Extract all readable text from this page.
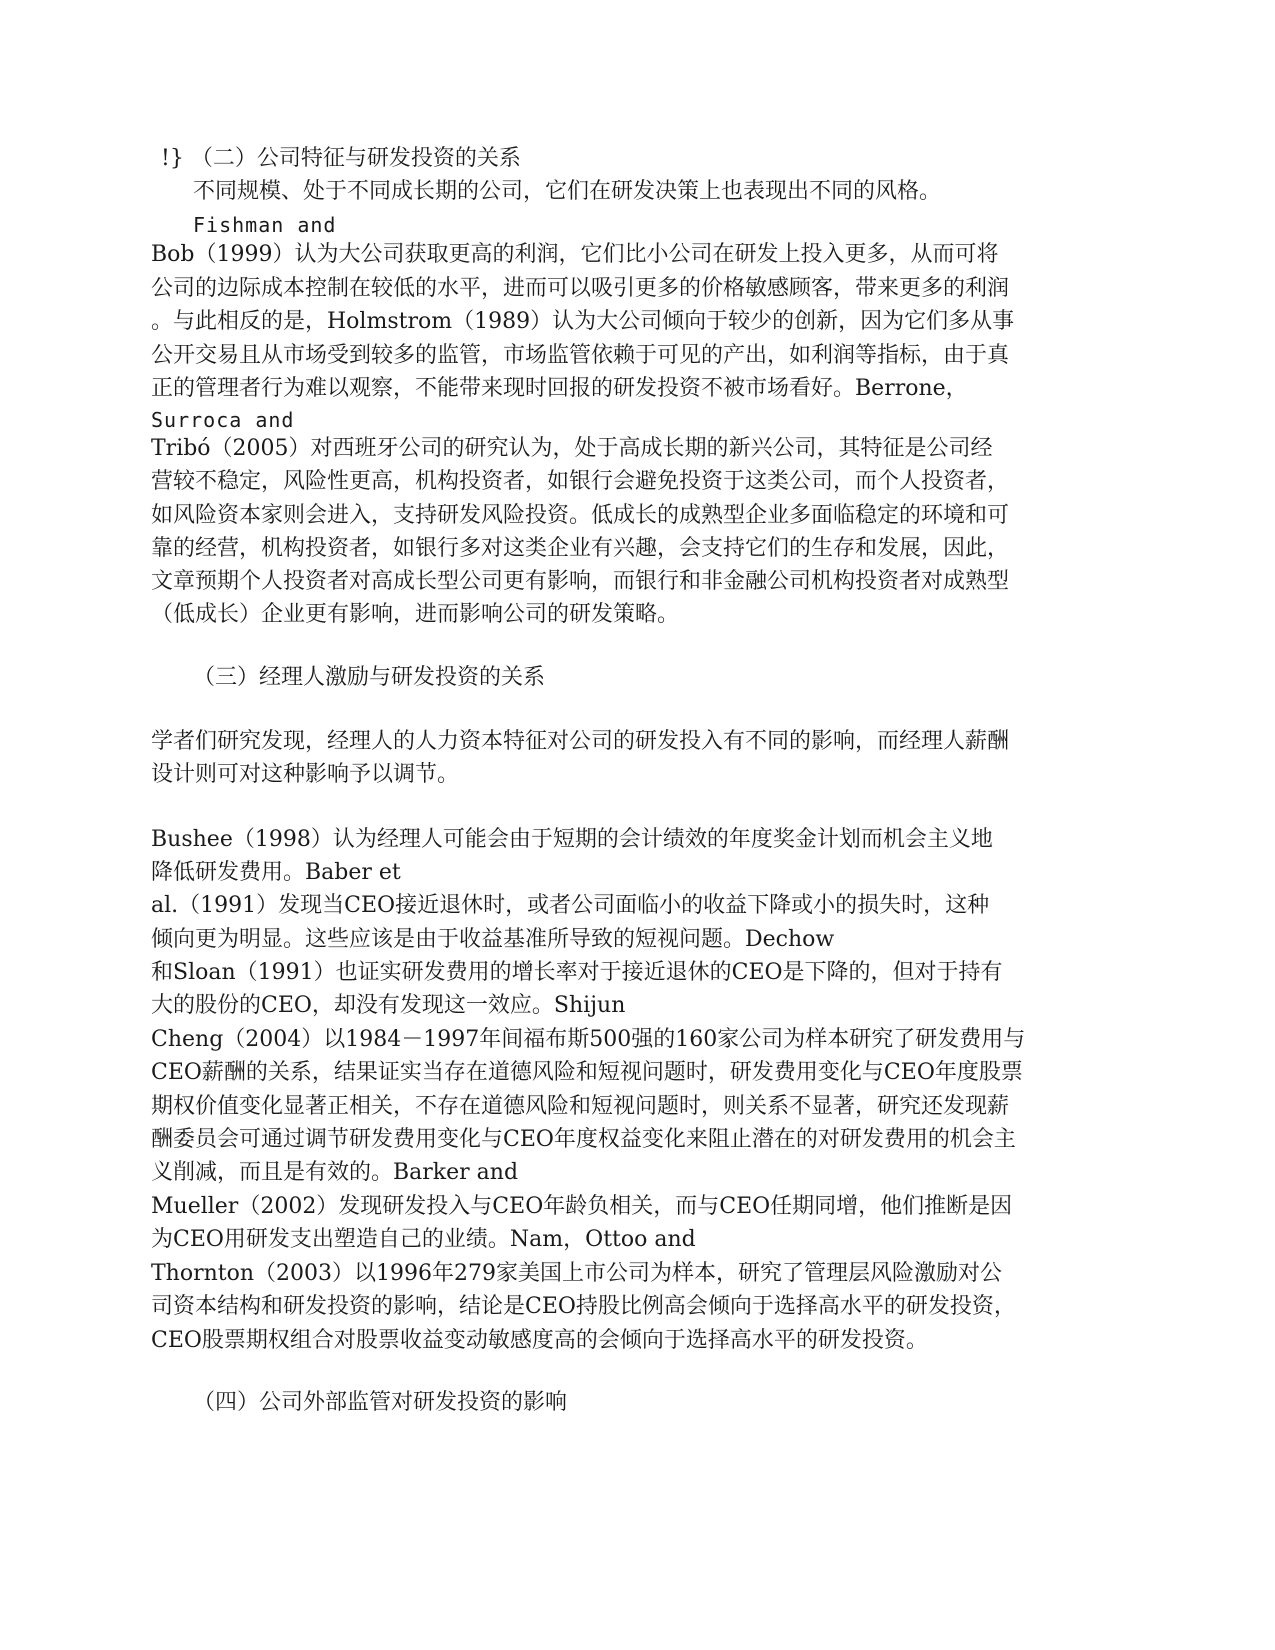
!} （二）公司特征与研发投资的关系
不同规模、处于不同成长期的公司，它们在研发决策上也表现出不同的风格。
Fishman and
Bob（1999）认为大公司获取更高的利润，它们比小公司在研发上投入更多，从而可将
公司的边际成本控制在较低的水平，进而可以吸引更多的价格敏感顾客，带来更多的利润
。与此相反的是，Holmstrom（1989）认为大公司倾向于较少的创新，因为它们多从事
公开交易且从市场受到较多的监管，市场监管依赖于可见的产出，如利润等指标，由于真
正的管理者行为难以观察，不能带来现时回报的研发投资不被市场看好。Berrone，
Surroca and
Tribó（2005）对西班牙公司的研究认为，处于高成长期的新兴公司，其特征是公司经
营较不稳定，风险性更高，机构投资者，如银行会避免投资于这类公司，而个人投资者，
如风险资本家则会进入，支持研发风险投资。低成长的成熟型企业多面临稳定的环境和可
靠的经营，机构投资者，如银行多对这类企业有兴趣，会支持它们的生存和发展，因此，
文章预期个人投资者对高成长型公司更有影响，而银行和非金融公司机构投资者对成熟型
（低成长）企业更有影响，进而影响公司的研发策略。
（三）经理人激励与研发投资的关系
学者们研究发现，经理人的人力资本特征对公司的研发投入有不同的影响，而经理人薪酬
设计则可对这种影响予以调节。
Bushee（1998）认为经理人可能会由于短期的会计绩效的年度奖金计划而机会主义地
降低研发费用。Baber et
al.（1991）发现当CEO接近退休时，或者公司面临小的收益下降或小的损失时，这种
倾向更为明显。这些应该是由于收益基准所导致的短视问题。Dechow
和Sloan（1991）也证实研发费用的增长率对于接近退休的CEO是下降的，但对于持有
大的股份的CEO，却没有发现这一效应。Shijun
Cheng（2004）以1984－1997年间福布斯500强的160家公司为样本研究了研发费用与
CEO薪酬的关系，结果证实当存在道德风险和短视问题时，研发费用变化与CEO年度股票
期权价值变化显著正相关，不存在道德风险和短视问题时，则关系不显著，研究还发现薪
酬委员会可通过调节研发费用变化与CEO年度权益变化来阻止潜在的对研发费用的机会主
义削减，而且是有效的。Barker and
Mueller（2002）发现研发投入与CEO年龄负相关，而与CEO任期同增，他们推断是因
为CEO用研发支出塑造自己的业绩。Nam，Ottoo and
Thornton（2003）以1996年279家美国上市公司为样本，研究了管理层风险激励对公
司资本结构和研发投资的影响，结论是CEO持股比例高会倾向于选择高水平的研发投资，
CEO股票期权组合对股票收益变动敏感度高的会倾向于选择高水平的研发投资。
（四）公司外部监管对研发投资的影响
